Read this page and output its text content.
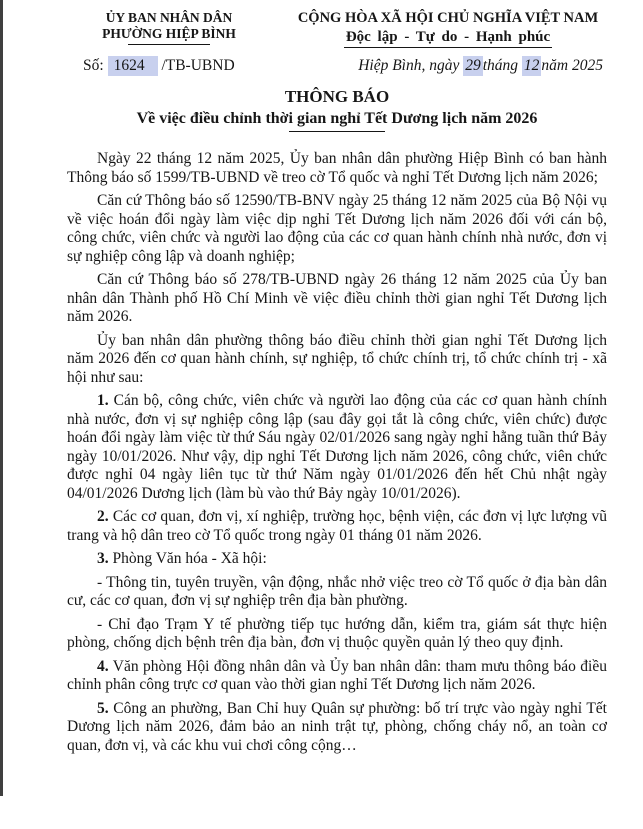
ỦY BAN NHÂN DÂN
PHƯỜNG HIỆP BÌNH
CỘNG HÒA XÃ HỘI CHỦ NGHĨA VIỆT NAM
Độc lập - Tự do - Hạnh phúc
Số: 1624 /TB-UBND	Hiệp Bình, ngày 29 tháng 12 năm 2025
THÔNG BÁO
Về việc điều chỉnh thời gian nghỉ Tết Dương lịch năm 2026

Ngày 22 tháng 12 năm 2025, Ủy ban nhân dân phường Hiệp Bình có ban hành Thông báo số 1599/TB-UBND về treo cờ Tổ quốc và nghỉ Tết Dương lịch năm 2026;

Căn cứ Thông báo số 12590/TB-BNV ngày 25 tháng 12 năm 2025 của Bộ Nội vụ về việc hoán đổi ngày làm việc dịp nghỉ Tết Dương lịch năm 2026 đối với cán bộ, công chức, viên chức và người lao động của các cơ quan hành chính nhà nước, đơn vị sự nghiệp công lập và doanh nghiệp;

Căn cứ Thông báo số 278/TB-UBND ngày 26 tháng 12 năm 2025 của Ủy ban nhân dân Thành phố Hồ Chí Minh về việc điều chỉnh thời gian nghỉ Tết Dương lịch năm 2026.

Ủy ban nhân dân phường thông báo điều chỉnh thời gian nghỉ Tết Dương lịch năm 2026 đến cơ quan hành chính, sự nghiệp, tổ chức chính trị, tổ chức chính trị - xã hội như sau:

1. Cán bộ, công chức, viên chức và người lao động của các cơ quan hành chính nhà nước, đơn vị sự nghiệp công lập (sau đây gọi tắt là công chức, viên chức) được hoán đổi ngày làm việc từ thứ Sáu ngày 02/01/2026 sang ngày nghỉ hằng tuần thứ Bảy ngày 10/01/2026. Như vậy, dịp nghỉ Tết Dương lịch năm 2026, công chức, viên chức được nghỉ 04 ngày liên tục từ thứ Năm ngày 01/01/2026 đến hết Chủ nhật ngày 04/01/2026 Dương lịch (làm bù vào thứ Bảy ngày 10/01/2026).

2. Các cơ quan, đơn vị, xí nghiệp, trường học, bệnh viện, các đơn vị lực lượng vũ trang và hộ dân treo cờ Tổ quốc trong ngày 01 tháng 01 năm 2026.

3. Phòng Văn hóa - Xã hội:

- Thông tin, tuyên truyền, vận động, nhắc nhở việc treo cờ Tổ quốc ở địa bàn dân cư, các cơ quan, đơn vị sự nghiệp trên địa bàn phường.

- Chỉ đạo Trạm Y tế phường tiếp tục hướng dẫn, kiểm tra, giám sát thực hiện phòng, chống dịch bệnh trên địa bàn, đơn vị thuộc quyền quản lý theo quy định.

4. Văn phòng Hội đồng nhân dân và Ủy ban nhân dân: tham mưu thông báo điều chỉnh phân công trực cơ quan vào thời gian nghỉ Tết Dương lịch năm 2026.

5. Công an phường, Ban Chỉ huy Quân sự phường: bố trí trực vào ngày nghỉ Tết Dương lịch năm 2026, đảm bảo an ninh trật tự, phòng, chống cháy nổ, an toàn cơ quan, đơn vị, và các khu vui chơi công cộng…
